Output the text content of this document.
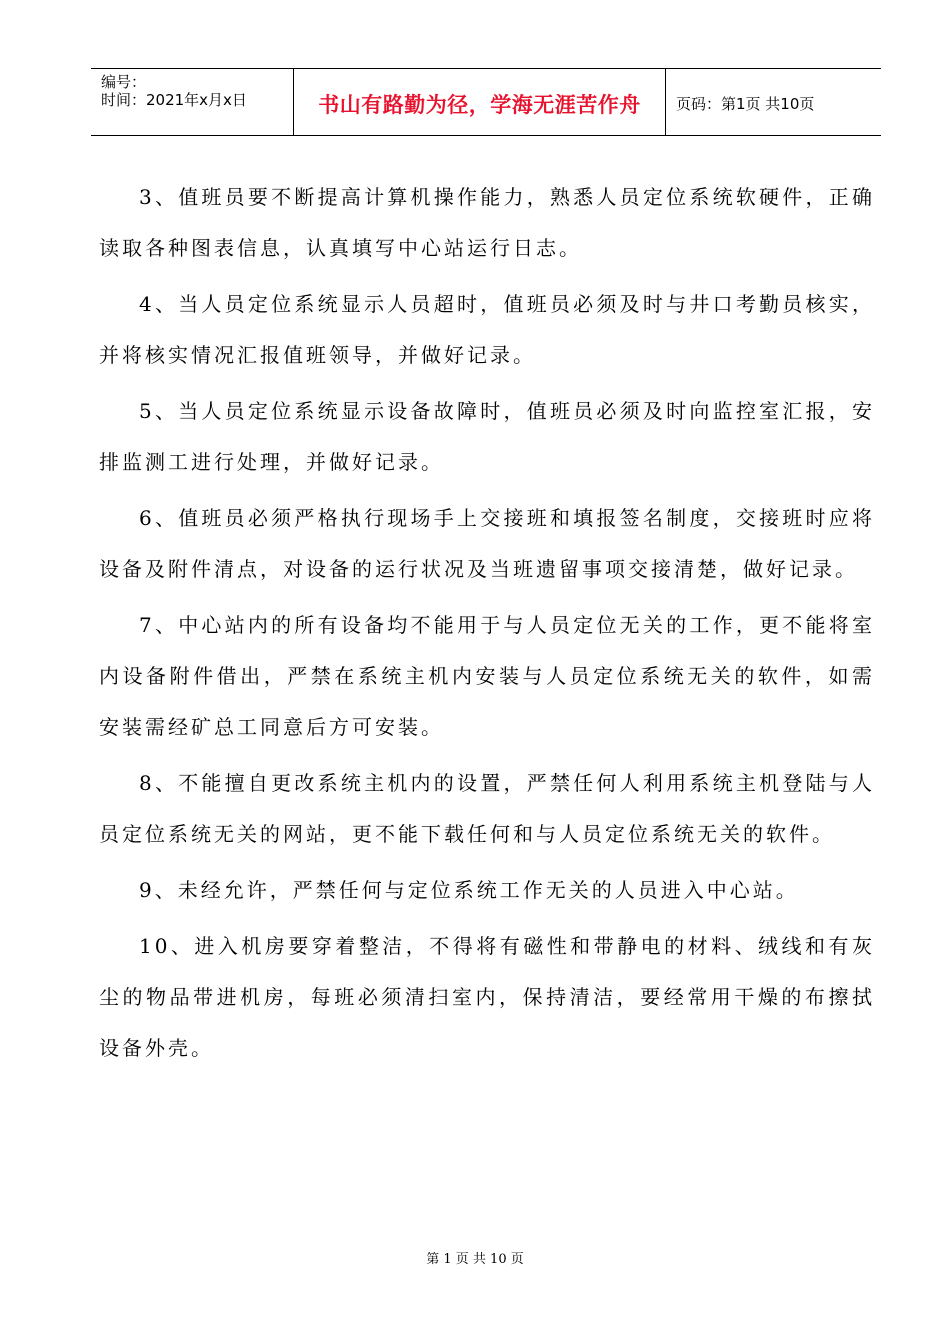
编号：
时间：2021年x月x日	书山有路勤为径，学海无涯苦作舟	页码：第1页 共10页

3、值班员要不断提高计算机操作能力，熟悉人员定位系统软硬件，正确读取各种图表信息，认真填写中心站运行日志。

4、当人员定位系统显示人员超时，值班员必须及时与井口考勤员核实，并将核实情况汇报值班领导，并做好记录。

5、当人员定位系统显示设备故障时，值班员必须及时向监控室汇报，安排监测工进行处理，并做好记录。

6、值班员必须严格执行现场手上交接班和填报签名制度，交接班时应将设备及附件清点，对设备的运行状况及当班遗留事项交接清楚，做好记录。

7、中心站内的所有设备均不能用于与人员定位无关的工作，更不能将室内设备附件借出，严禁在系统主机内安装与人员定位系统无关的软件，如需安装需经矿总工同意后方可安装。

8、不能擅自更改系统主机内的设置，严禁任何人利用系统主机登陆与人员定位系统无关的网站，更不能下载任何和与人员定位系统无关的软件。

9、未经允许，严禁任何与定位系统工作无关的人员进入中心站。

10、进入机房要穿着整洁，不得将有磁性和带静电的材料、绒线和有灰尘的物品带进机房，每班必须清扫室内，保持清洁，要经常用干燥的布擦拭设备外壳。

第 1 页 共 10 页
